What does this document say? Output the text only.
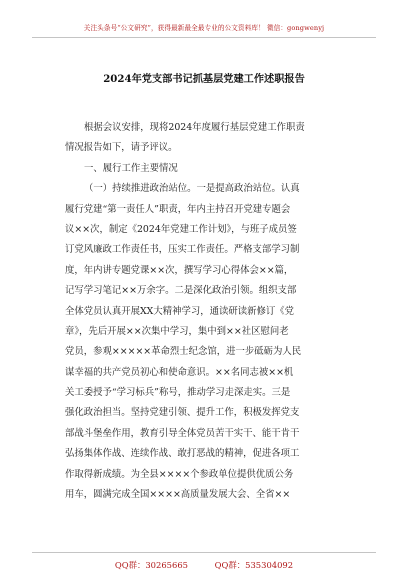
关注头条号“公文研究”，获得最新最全最专业的公文资料库！ 微信：gongwenyj
2024年党支部书记抓基层党建工作述职报告
根据会议安排，现将2024年度履行基层党建工作职责
情况报告如下，请予评议。
一、履行工作主要情况
（一）持续推进政治站位。一是提高政治站位。认真
履行党建“第一责任人”职责，年内主持召开党建专题会
议××次，制定《2024年党建工作计划》，与班子成员签
订党风廉政工作责任书，压实工作责任。严格支部学习制
度，年内讲专题党课××次，撰写学习心得体会××篇，
记写学习笔记××万余字。二是深化政治引领。组织支部
全体党员认真开展XX大精神学习，通读研读新修订《党
章》，先后开展××次集中学习，集中到××社区慰问老
党员，参观×××××革命烈士纪念馆，进一步砥砺为人民
谋幸福的共产党员初心和使命意识。××名同志被××机
关工委授予“学习标兵”称号，推动学习走深走实。三是
强化政治担当。坚持党建引领、提升工作，积极发挥党支
部战斗堡垒作用，教育引导全体党员苦干实干、能干肯干
弘扬集体作战、连续作战、敢打恶战的精神，促进各项工
作取得新成绩。为全县××××个参政单位提供优质公务
用车，圆满完成全国××××高质量发展大会、全省××
QQ群：30265665	QQ群：535304092
